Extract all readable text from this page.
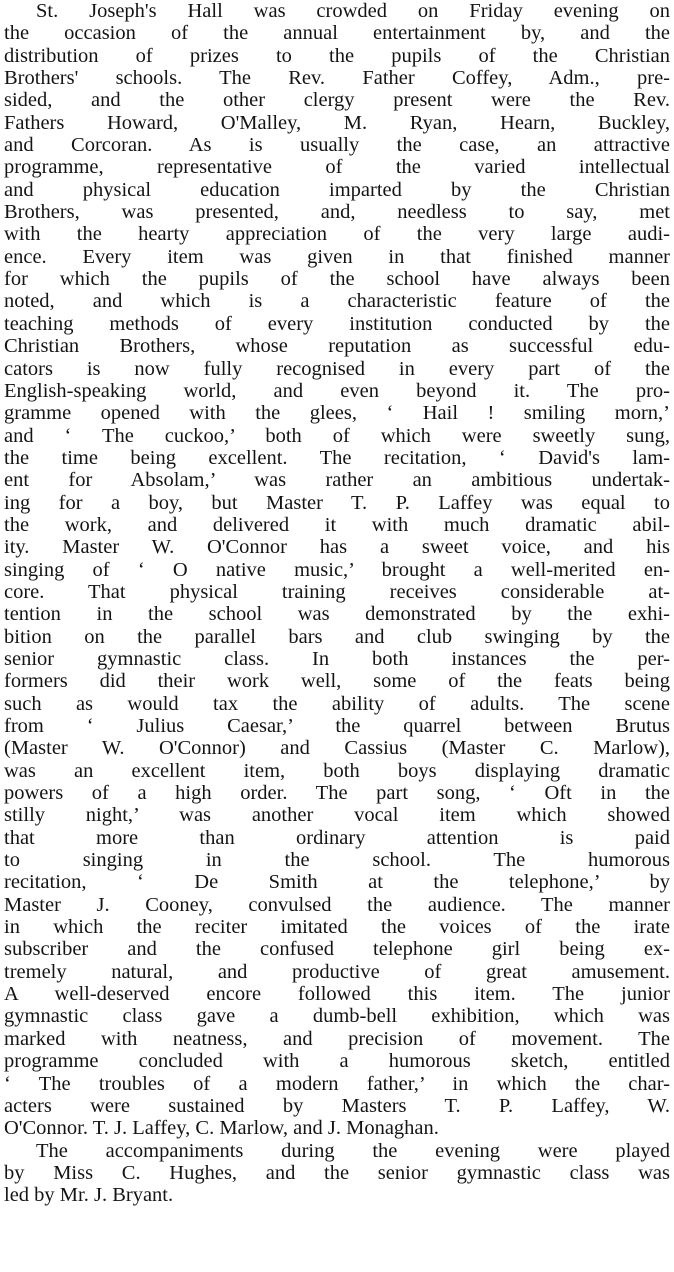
St. Joseph's Hall was crowded on Friday evening on
the occasion of the annual entertainment by, and the
distribution of prizes to the pupils of the Christian
Brothers' schools. The Rev. Father Coffey, Adm., pre-
sided, and the other clergy present were the Rev.
Fathers Howard, O'Malley, M. Ryan, Hearn, Buckley,
and Corcoran. As is usually the case, an attractive
programme, representative of the varied intellectual
and physical education imparted by the Christian
Brothers, was presented, and, needless to say, met
with the hearty appreciation of the very large audi-
ence. Every item was given in that finished manner
for which the pupils of the school have always been
noted, and which is a characteristic feature of the
teaching methods of every institution conducted by the
Christian Brothers, whose reputation as successful edu-
cators is now fully recognised in every part of the
English-speaking world, and even beyond it. The pro-
gramme opened with the glees, ‘ Hail ! smiling morn,’
and ‘ The cuckoo,’ both of which were sweetly sung,
the time being excellent. The recitation, ‘ David's lam-
ent for Absolam,’ was rather an ambitious undertak-
ing for a boy, but Master T. P. Laffey was equal to
the work, and delivered it with much dramatic abil-
ity. Master W. O'Connor has a sweet voice, and his
singing of ‘ O native music,’ brought a well-merited en-
core. That physical training receives considerable at-
tention in the school was demonstrated by the exhi-
bition on the parallel bars and club swinging by the
senior gymnastic class. In both instances the per-
formers did their work well, some of the feats being
such as would tax the ability of adults. The scene
from ‘ Julius Caesar,’ the quarrel between Brutus
(Master W. O'Connor) and Cassius (Master C. Marlow),
was an excellent item, both boys displaying dramatic
powers of a high order. The part song, ‘ Oft in the
stilly night,’ was another vocal item which showed
that more than ordinary attention is paid
to singing in the school. The humorous
recitation, ‘ De Smith at the telephone,’ by
Master J. Cooney, convulsed the audience. The manner
in which the reciter imitated the voices of the irate
subscriber and the confused telephone girl being ex-
tremely natural, and productive of great amusement.
A well-deserved encore followed this item. The junior
gymnastic class gave a dumb-bell exhibition, which was
marked with neatness, and precision of movement. The
programme concluded with a humorous sketch, entitled
‘ The troubles of a modern father,’ in which the char-
acters were sustained by Masters T. P. Laffey, W.
O'Connor. T. J. Laffey, C. Marlow, and J. Monaghan.
The accompaniments during the evening were played
by Miss C. Hughes, and the senior gymnastic class was
led by Mr. J. Bryant.
